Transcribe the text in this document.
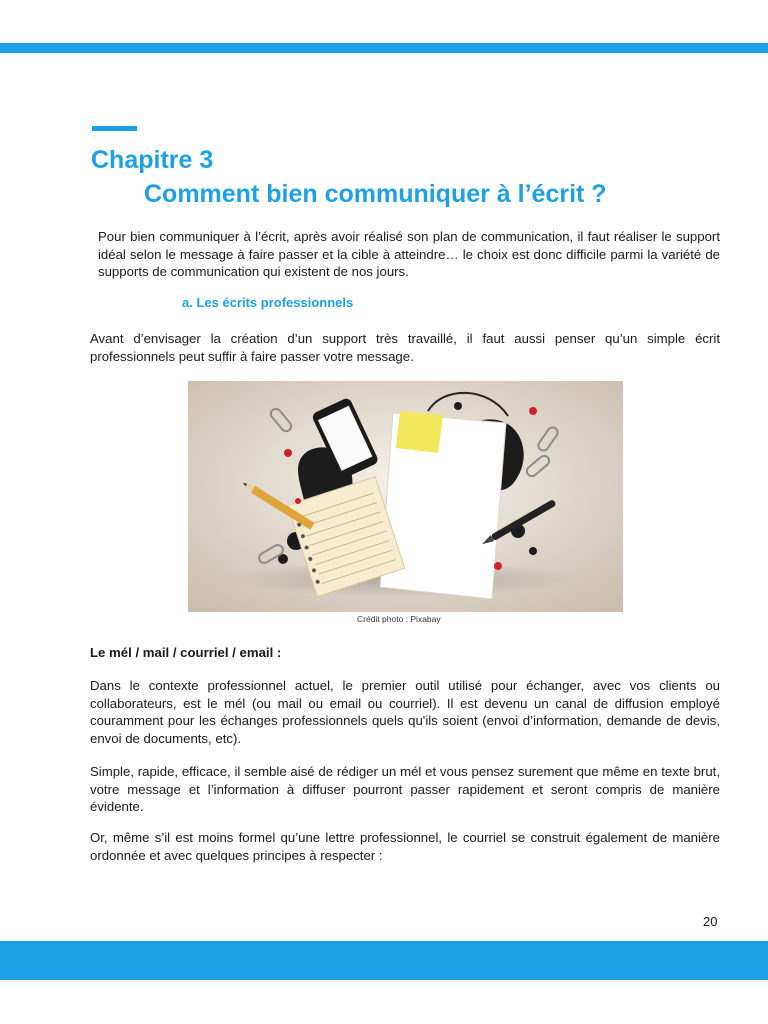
Chapitre 3
Comment bien communiquer à l’écrit ?

Pour bien communiquer à l’écrit, après avoir réalisé son plan de communication, il faut réaliser le support idéal selon le message à faire passer et la cible à atteindre… le choix est donc difficile parmi la variété de supports de communication qui existent de nos jours.

a. Les écrits professionnels

Avant d’envisager la création d’un support très travaillé, il faut aussi penser qu’un simple écrit professionnels peut suffir à faire passer votre message.

Crédit photo : Pixabay
Le mél / mail / courriel / email :

Dans le contexte professionnel actuel, le premier outil utilisé pour échanger, avec vos clients ou collaborateurs, est le mél (ou mail ou email ou courriel). Il est devenu un canal de diffusion employé couramment pour les échanges professionnels quels qu'ils soient (envoi d’information, demande de devis, envoi de documents, etc).

Simple, rapide, efficace, il semble aisé de rédiger un mél et vous pensez surement que même en texte brut, votre message et l’information à diffuser pourront passer rapidement et seront compris de manière évidente.

Or, même s’il est moins formel qu’une lettre professionnel, le courriel se construit également de manière ordonnée et avec quelques principes à respecter :

20
